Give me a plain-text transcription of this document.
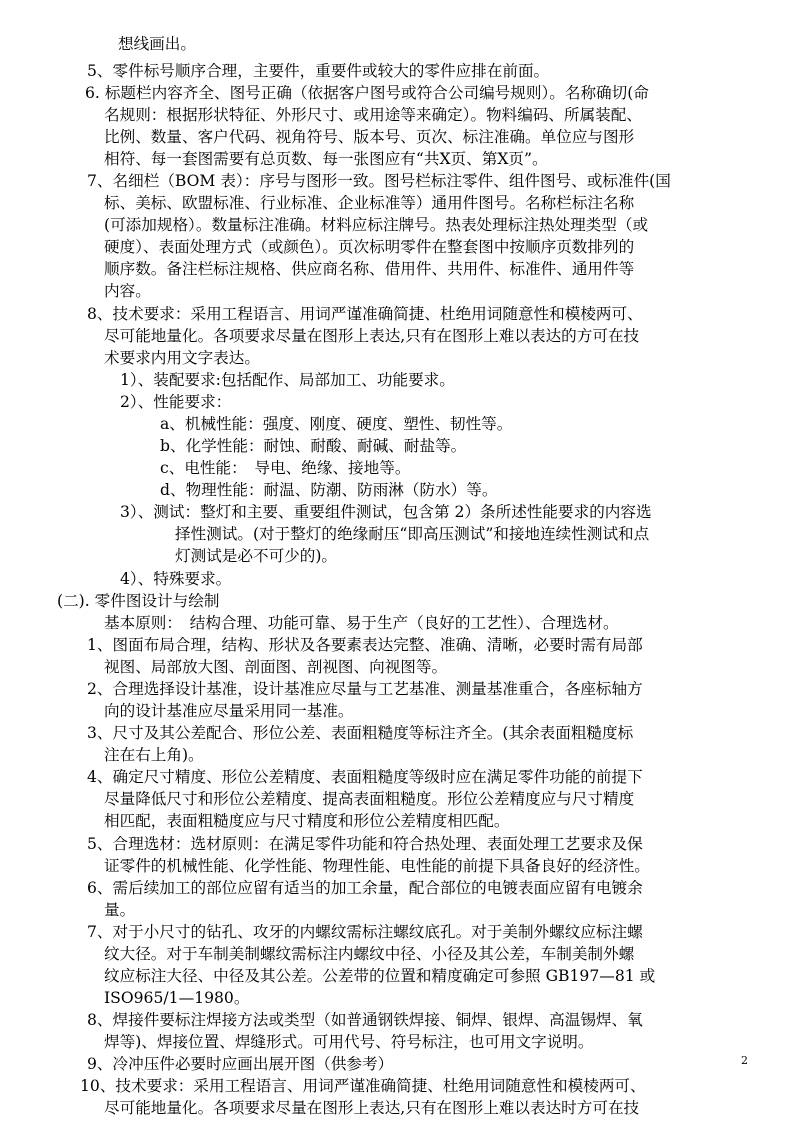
想线画出。
5、零件标号顺序合理，主要件，重要件或较大的零件应排在前面。
6. 标题栏内容齐全、图号正确（依据客户图号或符合公司编号规则）。名称确切(命
名规则：根据形状特征、外形尺寸、或用途等来确定）。物料编码、所属装配、
比例、数量、客户代码、视角符号、版本号、页次、标注准确。单位应与图形
相符、每一套图需要有总页数、每一张图应有“共X页、第X页”。
7、名细栏（BOM 表）：序号与图形一致。图号栏标注零件、组件图号、或标准件(国
标、美标、欧盟标准、行业标准、企业标准等）通用件图号。名称栏标注名称
(可添加规格）。数量标注准确。材料应标注牌号。热表处理标注热处理类型（或
硬度）、表面处理方式（或颜色）。页次标明零件在整套图中按顺序页数排列的
顺序数。备注栏标注规格、供应商名称、借用件、共用件、标准件、通用件等
内容。
8、技术要求：采用工程语言、用词严谨准确简捷、杜绝用词随意性和模棱两可、
尽可能地量化。各项要求尽量在图形上表达,只有在图形上难以表达的方可在技
术要求内用文字表达。
1）、装配要求:包括配作、局部加工、功能要求。
2）、性能要求：
a、机械性能：强度、刚度、硬度、塑性、韧性等。
b、化学性能：耐蚀、耐酸、耐碱、耐盐等。
c、电性能：　导电、绝缘、接地等。
d、物理性能：耐温、防潮、防雨淋（防水）等。
3）、测试：整灯和主要、重要组件测试，包含第 2）条所述性能要求的内容选
择性测试。(对于整灯的绝缘耐压“即高压测试”和接地连续性测试和点
灯测试是必不可少的)。
4）、特殊要求。
(二). 零件图设计与绘制
基本原则：　结构合理、功能可靠、易于生产（良好的工艺性）、合理选材。
1、图面布局合理，结构、形状及各要素表达完整、准确、清晰，必要时需有局部
视图、局部放大图、剖面图、剖视图、向视图等。
2、合理选择设计基准，设计基准应尽量与工艺基准、测量基准重合，各座标轴方
向的设计基准应尽量采用同一基准。
3、尺寸及其公差配合、形位公差、表面粗糙度等标注齐全。(其余表面粗糙度标
注在右上角)。
4、确定尺寸精度、形位公差精度、表面粗糙度等级时应在满足零件功能的前提下
尽量降低尺寸和形位公差精度、提高表面粗糙度。形位公差精度应与尺寸精度
相匹配，表面粗糙度应与尺寸精度和形位公差精度相匹配。
5、合理选材：选材原则：在满足零件功能和符合热处理、表面处理工艺要求及保
证零件的机械性能、化学性能、物理性能、电性能的前提下具备良好的经济性。
6、需后续加工的部位应留有适当的加工余量，配合部位的电镀表面应留有电镀余
量。
7、对于小尺寸的钻孔、攻牙的内螺纹需标注螺纹底孔。对于美制外螺纹应标注螺
纹大径。对于车制美制螺纹需标注内螺纹中径、小径及其公差，车制美制外螺
纹应标注大径、中径及其公差。公差带的位置和精度确定可参照 GB197—81 或
ISO965/1—1980。
8、焊接件要标注焊接方法或类型（如普通钢铁焊接、铜焊、银焊、高温锡焊、氧
焊等)、焊接位置、焊缝形式。可用代号、符号标注，也可用文字说明。
9、冷冲压件必要时应画出展开图（供参考）
10、技术要求：采用工程语言、用词严谨准确简捷、杜绝用词随意性和模棱两可、
尽可能地量化。各项要求尽量在图形上表达,只有在图形上难以表达时方可在技
2
